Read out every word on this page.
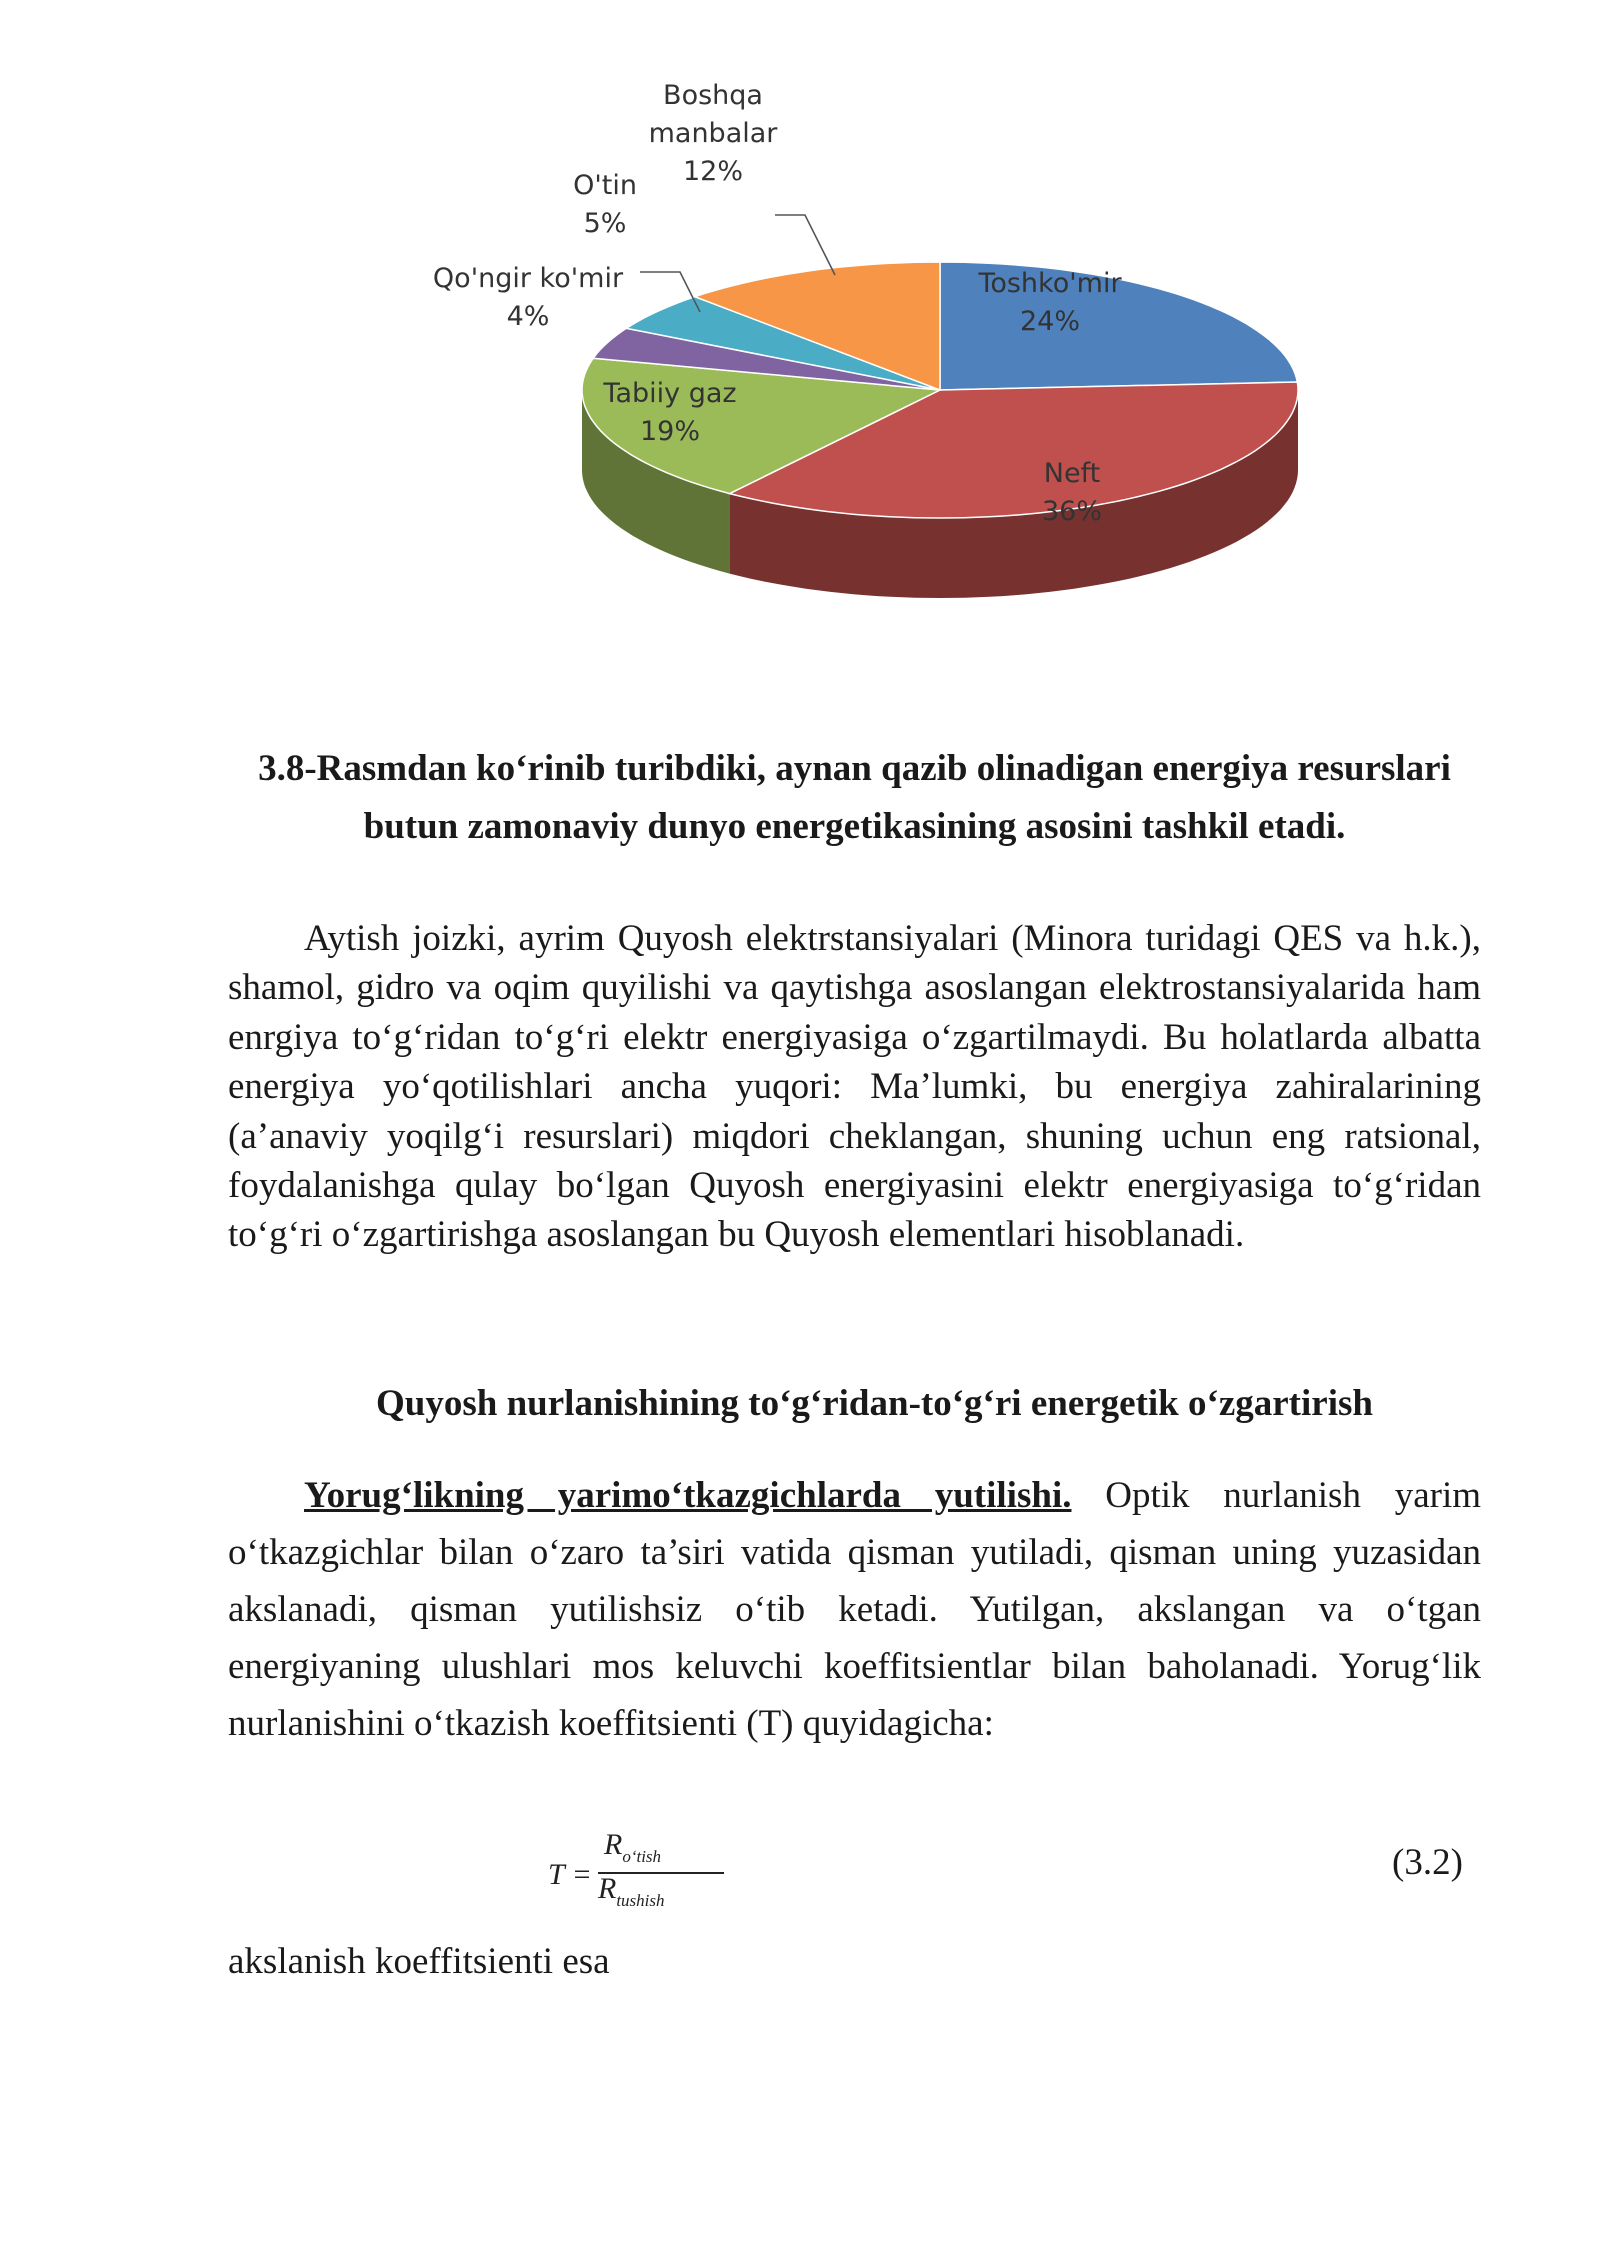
Toshko'mir 24%
Neft 36%
Tabiiy gaz 19%
Qo'ngir ko'mir 4%
O'tin 5%
Boshqa manbalar 12%
3.8-Rasmdan ko‘rinib turibdiki, aynan qazib olinadigan energiya resurslari butun zamonaviy dunyo energetikasining asosini tashkil etadi.
Aytish joizki, ayrim Quyosh elektrstansiyalari (Minora turidagi QES va h.k.), shamol, gidro va oqim quyilishi va qaytishga asoslangan elektrostansiyalarida ham enrgiya to‘g‘ridan to‘g‘ri elektr energiyasiga o‘zgartilmaydi. Bu holatlarda albatta energiya yo‘qotilishlari ancha yuqori: Ma’lumki, bu energiya zahiralarining (a’anaviy yoqilg‘i resurslari) miqdori cheklangan, shuning uchun eng ratsional, foydalanishga qulay bo‘lgan Quyosh energiyasini elektr energiyasiga to‘g‘ridan to‘g‘ri o‘zgartirishga asoslangan bu Quyosh elementlari hisoblanadi.
Quyosh nurlanishining to‘g‘ridan-to‘g‘ri energetik o‘zgartirish
Yorug‘likning yarimo‘tkazgichlarda yutilishi. Optik nurlanish yarim o‘tkazgichlar bilan o‘zaro ta’siri vatida qisman yutiladi, qisman uning yuzasidan akslanadi, qisman yutilishsiz o‘tib ketadi. Yutilgan, akslangan va o‘tgan energiyaning ulushlari mos keluvchi koeffitsientlar bilan baholanadi. Yorug‘lik nurlanishini o‘tkazish koeffitsienti (T) quyidagicha:
T =
$R_{o‘tish}$
$R_{tushish}$
(3.2)
akslanish koeffitsienti esa
